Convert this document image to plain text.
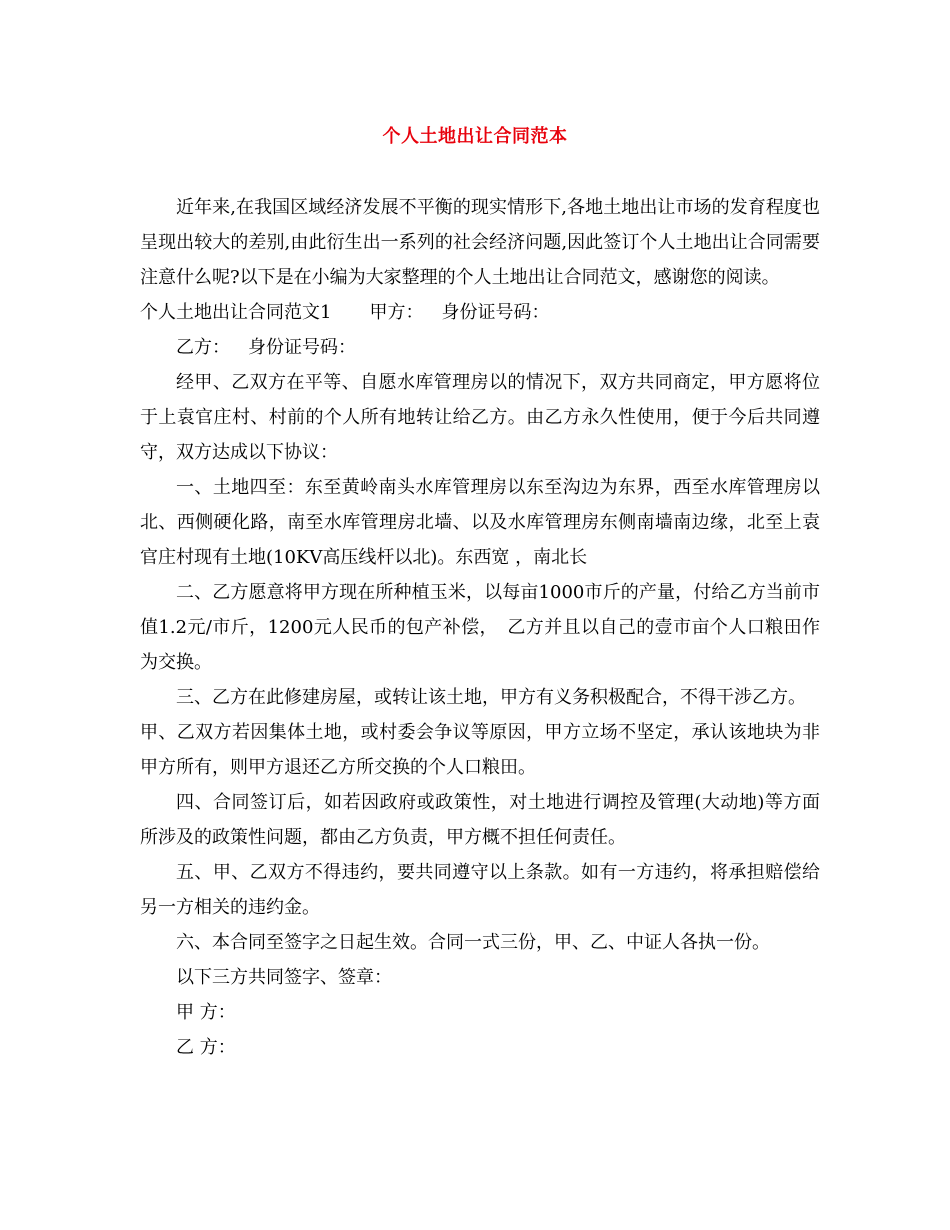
个人土地出让合同范本

近年来,在我国区域经济发展不平衡的现实情形下,各地土地出让市场的发育程度也呈现出较大的差别,由此衍生出一系列的社会经济问题,因此签订个人土地出让合同需要注意什么呢?以下是在小编为大家整理的个人土地出让合同范文，感谢您的阅读。

个人土地出让合同范文1 甲方： 身份证号码：

乙方： 身份证号码：

经甲、乙双方在平等、自愿水库管理房以的情况下，双方共同商定，甲方愿将位于上袁官庄村、村前的个人所有地转让给乙方。由乙方永久性使用，便于今后共同遵守，双方达成以下协议：

一、土地四至：东至黄岭南头水库管理房以东至沟边为东界，西至水库管理房以北、西侧硬化路，南至水库管理房北墙、以及水库管理房东侧南墙南边缘，北至上袁官庄村现有土地(10KV高压线杆以北)。东西宽 ，南北长

二、乙方愿意将甲方现在所种植玉米，以每亩1000市斤的产量，付给乙方当前市值1.2元/市斤，1200元人民币的包产补偿，　乙方并且以自己的壹市亩个人口粮田作为交换。

三、乙方在此修建房屋，或转让该土地，甲方有义务积极配合，不得干涉乙方。

甲、乙双方若因集体土地，或村委会争议等原因，甲方立场不坚定，承认该地块为非甲方所有，则甲方退还乙方所交换的个人口粮田。

四、合同签订后，如若因政府或政策性，对土地进行调控及管理(大动地)等方面所涉及的政策性问题，都由乙方负责，甲方概不担任何责任。

五、甲、乙双方不得违约，要共同遵守以上条款。如有一方违约，将承担赔偿给另一方相关的违约金。

六、本合同至签字之日起生效。合同一式三份，甲、乙、中证人各执一份。

以下三方共同签字、签章：

甲 方：

乙 方：
